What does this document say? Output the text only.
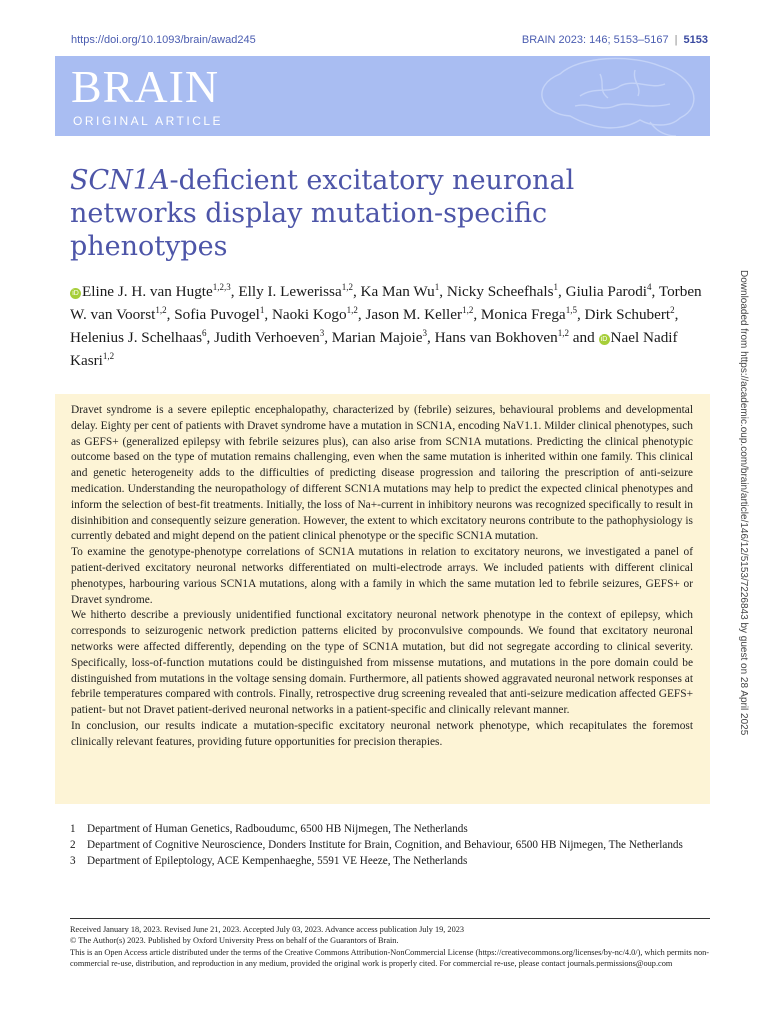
https://doi.org/10.1093/brain/awad245	BRAIN 2023: 146; 5153–5167 | 5153
BRAIN
ORIGINAL ARTICLE
SCN1A-deficient excitatory neuronal networks display mutation-specific phenotypes
iD Eline J. H. van Hugte$^{1,2,3}$, Elly I. Lewerissa$^{1,2}$, Ka Man Wu$^1$, Nicky Scheefhals$^1$, Giulia Parodi$^4$, Torben W. van Voorst$^{1,2}$, Sofia Puvogel$^1$, Naoki Kogo$^{1,2}$, Jason M. Keller$^{1,2}$, Monica Frega$^{1,5}$, Dirk Schubert$^2$, Helenius J. Schelhaas$^6$, Judith Verhoeven$^3$, Marian Majoie$^3$, Hans van Bokhoven$^{1,2}$ and iD Nael Nadif Kasri$^{1,2}$	Downloaded from https://academic.oup.com/brain/article/146/12/5153/7226843 by guest on 28 April 2025

Dravet syndrome is a severe epileptic encephalopathy, characterized by (febrile) seizures, behavioural problems and developmental delay. Eighty per cent of patients with Dravet syndrome have a mutation in SCN1A, encoding NaV1.1. Milder clinical phenotypes, such as GEFS+ (generalized epilepsy with febrile seizures plus), can also arise from SCN1A mutations. Predicting the clinical phenotypic outcome based on the type of mutation remains challenging, even when the same mutation is inherited within one family. This clinical and genetic heterogeneity adds to the difficulties of predicting disease progression and tailoring the prescription of anti-seizure medication. Understanding the neuropathology of different SCN1A mutations may help to predict the expected clinical phenotypes and inform the selection of best-fit treatments. Initially, the loss of Na+-current in inhibitory neurons was recognized specifically to result in disinhibition and consequently seizure generation. However, the extent to which excitatory neurons contribute to the pathophysiology is currently debated and might depend on the patient clinical phenotype or the specific SCN1A mutation.

To examine the genotype-phenotype correlations of SCN1A mutations in relation to excitatory neurons, we investigated a panel of patient-derived excitatory neuronal networks differentiated on multi-electrode arrays. We included patients with different clinical phenotypes, harbouring various SCN1A mutations, along with a family in which the same mutation led to febrile seizures, GEFS+ or Dravet syndrome.

We hitherto describe a previously unidentified functional excitatory neuronal network phenotype in the context of epilepsy, which corresponds to seizurogenic network prediction patterns elicited by proconvulsive compounds. We found that excitatory neuronal networks were affected differently, depending on the type of SCN1A mutation, but did not segregate according to clinical severity. Specifically, loss-of-function mutations could be distinguished from missense mutations, and mutations in the pore domain could be distinguished from mutations in the voltage sensing domain. Furthermore, all patients showed aggravated neuronal network responses at febrile temperatures compared with controls. Finally, retrospective drug screening revealed that anti-seizure medication affected GEFS+ patient- but not Dravet patient-derived neuronal networks in a patient-specific and clinically relevant manner.

In conclusion, our results indicate a mutation-specific excitatory neuronal network phenotype, which recapitulates the foremost clinically relevant features, providing future opportunities for precision therapies.

1 Department of Human Genetics, Radboudumc, 6500 HB Nijmegen, The Netherlands
2 Department of Cognitive Neuroscience, Donders Institute for Brain, Cognition, and Behaviour, 6500 HB Nijmegen, The Netherlands
3 Department of Epileptology, ACE Kempenhaeghe, 5591 VE Heeze, The Netherlands
Received January 18, 2023. Revised June 21, 2023. Accepted July 03, 2023. Advance access publication July 19, 2023
© The Author(s) 2023. Published by Oxford University Press on behalf of the Guarantors of Brain.
This is an Open Access article distributed under the terms of the Creative Commons Attribution-NonCommercial License (https://creativecommons.org/licenses/by-nc/4.0/), which permits non-commercial re-use, distribution, and reproduction in any medium, provided the original work is properly cited. For commercial re-use, please contact journals.permissions@oup.com
